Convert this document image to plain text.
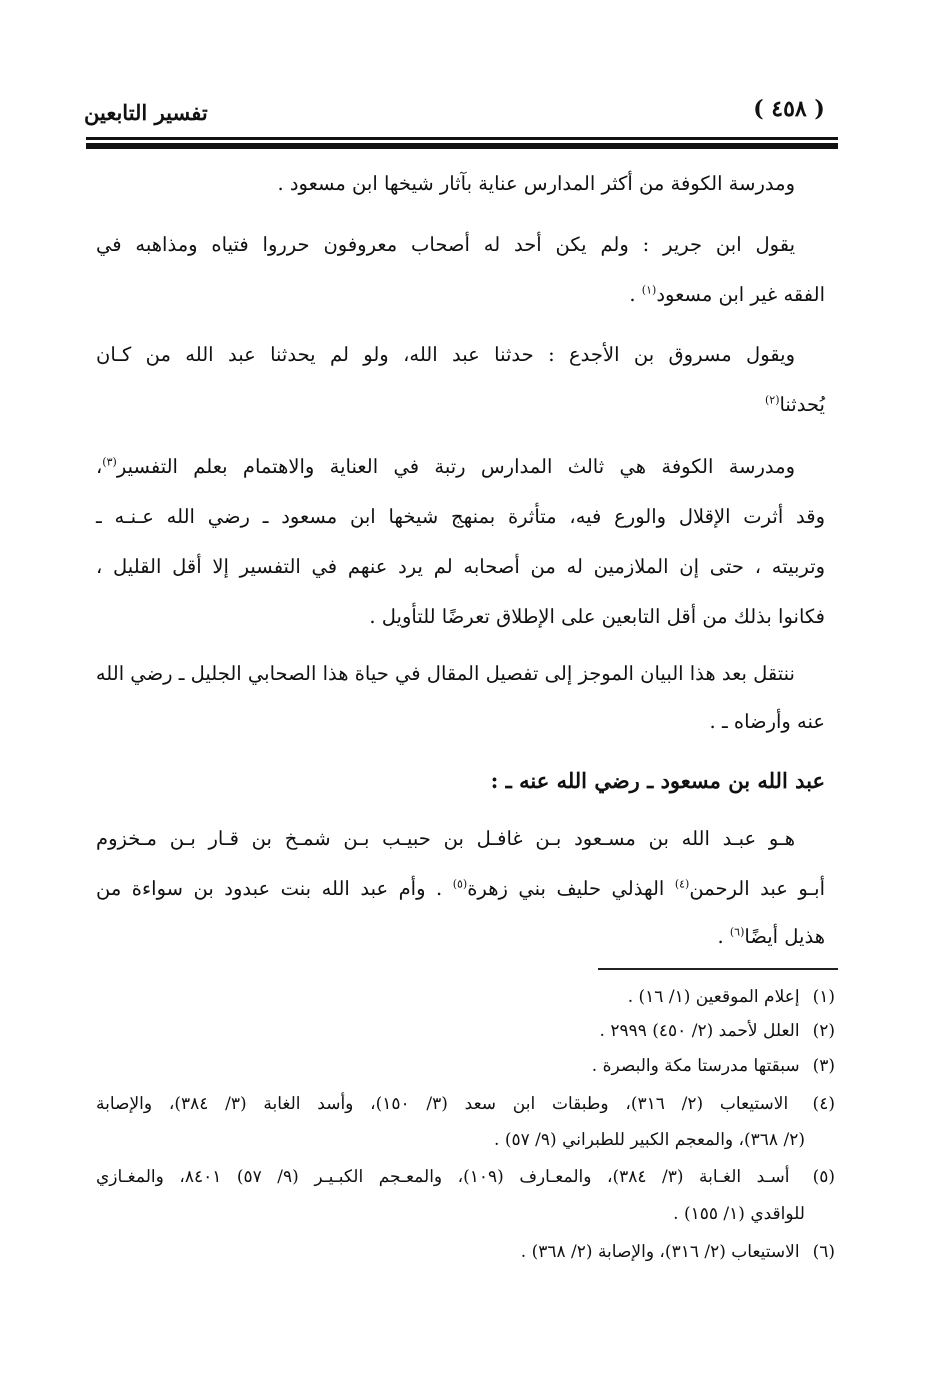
( ٤٥٨ )
تفسير التابعين
ومدرسة الكوفة من أكثر المدارس عناية بآثار شيخها ابن مسعود .
يقول ابن جرير : ولم يكن أحد له أصحاب معروفون حرروا فتياه ومذاهبه في
الفقه غير ابن مسعود$^{(١)}$ .
ويقول مسروق بن الأجدع : حدثنا عبد الله، ولو لم يحدثنا عبد الله من كـان
يُحدثنا$^{(٢)}$
ومدرسة الكوفة هي ثالث المدارس رتبة في العناية والاهتمام بعلم التفسير$^{(٣)}$،
وقد أثرت الإقلال والورع فيه، متأثرة بمنهج شيخها ابن مسعود ـ رضي الله عـنـه ـ
وتربيته ، حتى إن الملازمين له من أصحابه لم يرد عنهم في التفسير إلا أقل القليل ،
فكانوا بذلك من أقل التابعين على الإطلاق تعرضًا للتأويل .
ننتقل بعد هذا البيان الموجز إلى تفصيل المقال في حياة هذا الصحابي الجليل ـ رضي الله
عنه وأرضاه ـ .
عبد الله بن مسعود ـ رضي الله عنه ـ :
هـو عبـد الله بن مسـعود بـن غافـل بن حبيـب بـن شمـخ بن قـار بـن مـخزوم
أبـو عبد الرحمن$^{(٤)}$ الهذلي حليف بني زهرة$^{(٥)}$ . وأم عبد الله بنت عبدود بن سواءة من
هذيل أيضًا$^{(٦)}$ .
(١) إعلام الموقعين (١/ ١٦) .
(٢) العلل لأحمد (٢/ ٤٥٠) ٢٩٩٩ .
(٣) سبقتها مدرستا مكة والبصرة .
(٤) الاستيعاب (٢/ ٣١٦)، وطبقات ابن سعد (٣/ ١٥٠)، وأسد الغابة (٣/ ٣٨٤)، والإصابة
(٢/ ٣٦٨)، والمعجم الكبير للطبراني (٩/ ٥٧) .
(٥) أسـد الغـابة (٣/ ٣٨٤)، والمعـارف (١٠٩)، والمعـجم الكبـيـر (٩/ ٥٧) ٨٤٠١، والمغـازي
للواقدي (١/ ١٥٥) .
(٦) الاستيعاب (٢/ ٣١٦)، والإصابة (٢/ ٣٦٨) .
